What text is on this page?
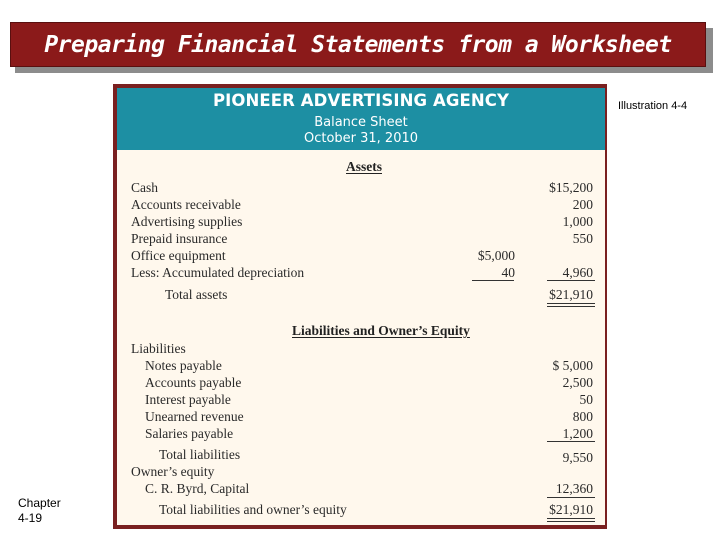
Preparing Financial Statements from a Worksheet
Illustration 4-4
Chapter
4-19
PIONEER ADVERTISING AGENCY
Balance Sheet
October 31, 2010
Assets
Cash	$15,200
Accounts receivable	200
Advertising supplies	1,000
Prepaid insurance	550
Office equipment	$5,000
Less: Accumulated depreciation	40	4,960
Total assets	$21,910
Liabilities and Owner’s Equity
Liabilities
Notes payable	$ 5,000
Accounts payable	2,500
Interest payable	50
Unearned revenue	800
Salaries payable	1,200
Total liabilities	9,550
Owner’s equity
C. R. Byrd, Capital	12,360
Total liabilities and owner’s equity	$21,910
